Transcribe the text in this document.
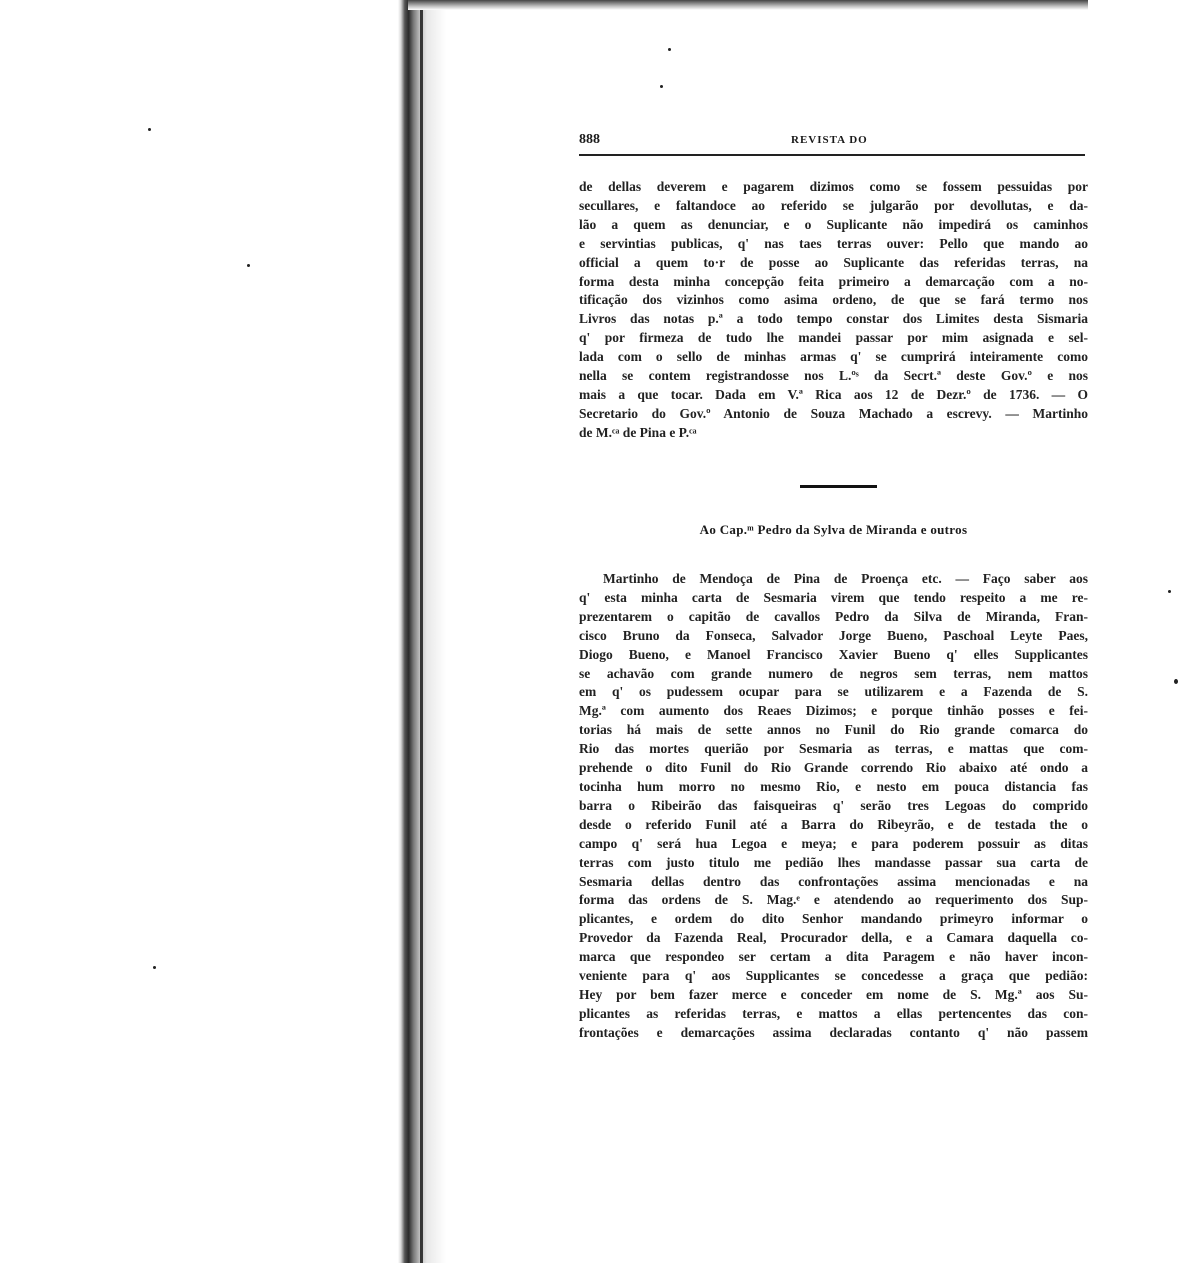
888	REVISTA DO
de dellas deverem e pagarem dizimos como se fossem pessuidas por
secullares, e faltandoce ao referido se julgarão por devollutas, e da-
lão a quem as denunciar, e o Suplicante não impedirá os caminhos
e servintias publicas, q' nas taes terras ouver: Pello que mando ao
official a quem to·r de posse ao Suplicante das referidas terras, na
forma desta minha concepção feita primeiro a demarcação com a no-
tificação dos vizinhos como asima ordeno, de que se fará termo nos
Livros das notas p.ª a todo tempo constar dos Limites desta Sismaria
q' por firmeza de tudo lhe mandei passar por mim asignada e sel-
lada com o sello de minhas armas q' se cumprirá inteiramente como
nella se contem registrandosse nos L.ºˢ da Secrt.ª deste Gov.º e nos
mais a que tocar. Dada em V.ª Rica aos 12 de Dezr.º de 1736. — O
Secretario do Gov.º Antonio de Souza Machado a escrevy. — Martinho
de M.ᶜᵃ de Pina e P.ᶜᵃ
Ao Cap.ᵐ Pedro da Sylva de Miranda e outros
Martinho de Mendoça de Pina de Proença etc. — Faço saber aos
q' esta minha carta de Sesmaria virem que tendo respeito a me re-
prezentarem o capitão de cavallos Pedro da Silva de Miranda, Fran-
cisco Bruno da Fonseca, Salvador Jorge Bueno, Paschoal Leyte Paes,
Diogo Bueno, e Manoel Francisco Xavier Bueno q' elles Supplicantes
se achavão com grande numero de negros sem terras, nem mattos
em q' os pudessem ocupar para se utilizarem e a Fazenda de S.
Mg.ª com aumento dos Reaes Dizimos; e porque tinhão posses e fei-
torias há mais de sette annos no Funil do Rio grande comarca do
Rio das mortes querião por Sesmaria as terras, e mattas que com-
prehende o dito Funil do Rio Grande correndo Rio abaixo até ondo a
tocinha hum morro no mesmo Rio, e nesto em pouca distancia fas
barra o Ribeirão das faisqueiras q' serão tres Legoas do comprido
desde o referido Funil até a Barra do Ribeyrão, e de testada the o
campo q' será hua Legoa e meya; e para poderem possuir as ditas
terras com justo titulo me pedião lhes mandasse passar sua carta de
Sesmaria dellas dentro das confrontações assima mencionadas e na
forma das ordens de S. Mag.ᵉ e atendendo ao requerimento dos Sup-
plicantes, e ordem do dito Senhor mandando primeyro informar o
Provedor da Fazenda Real, Procurador della, e a Camara daquella co-
marca que respondeo ser certam a dita Paragem e não haver incon-
veniente para q' aos Supplicantes se concedesse a graça que pedião:
Hey por bem fazer merce e conceder em nome de S. Mg.ª aos Su-
plicantes as referidas terras, e mattos a ellas pertencentes das con-
frontações e demarcações assima declaradas contanto q' não passem
